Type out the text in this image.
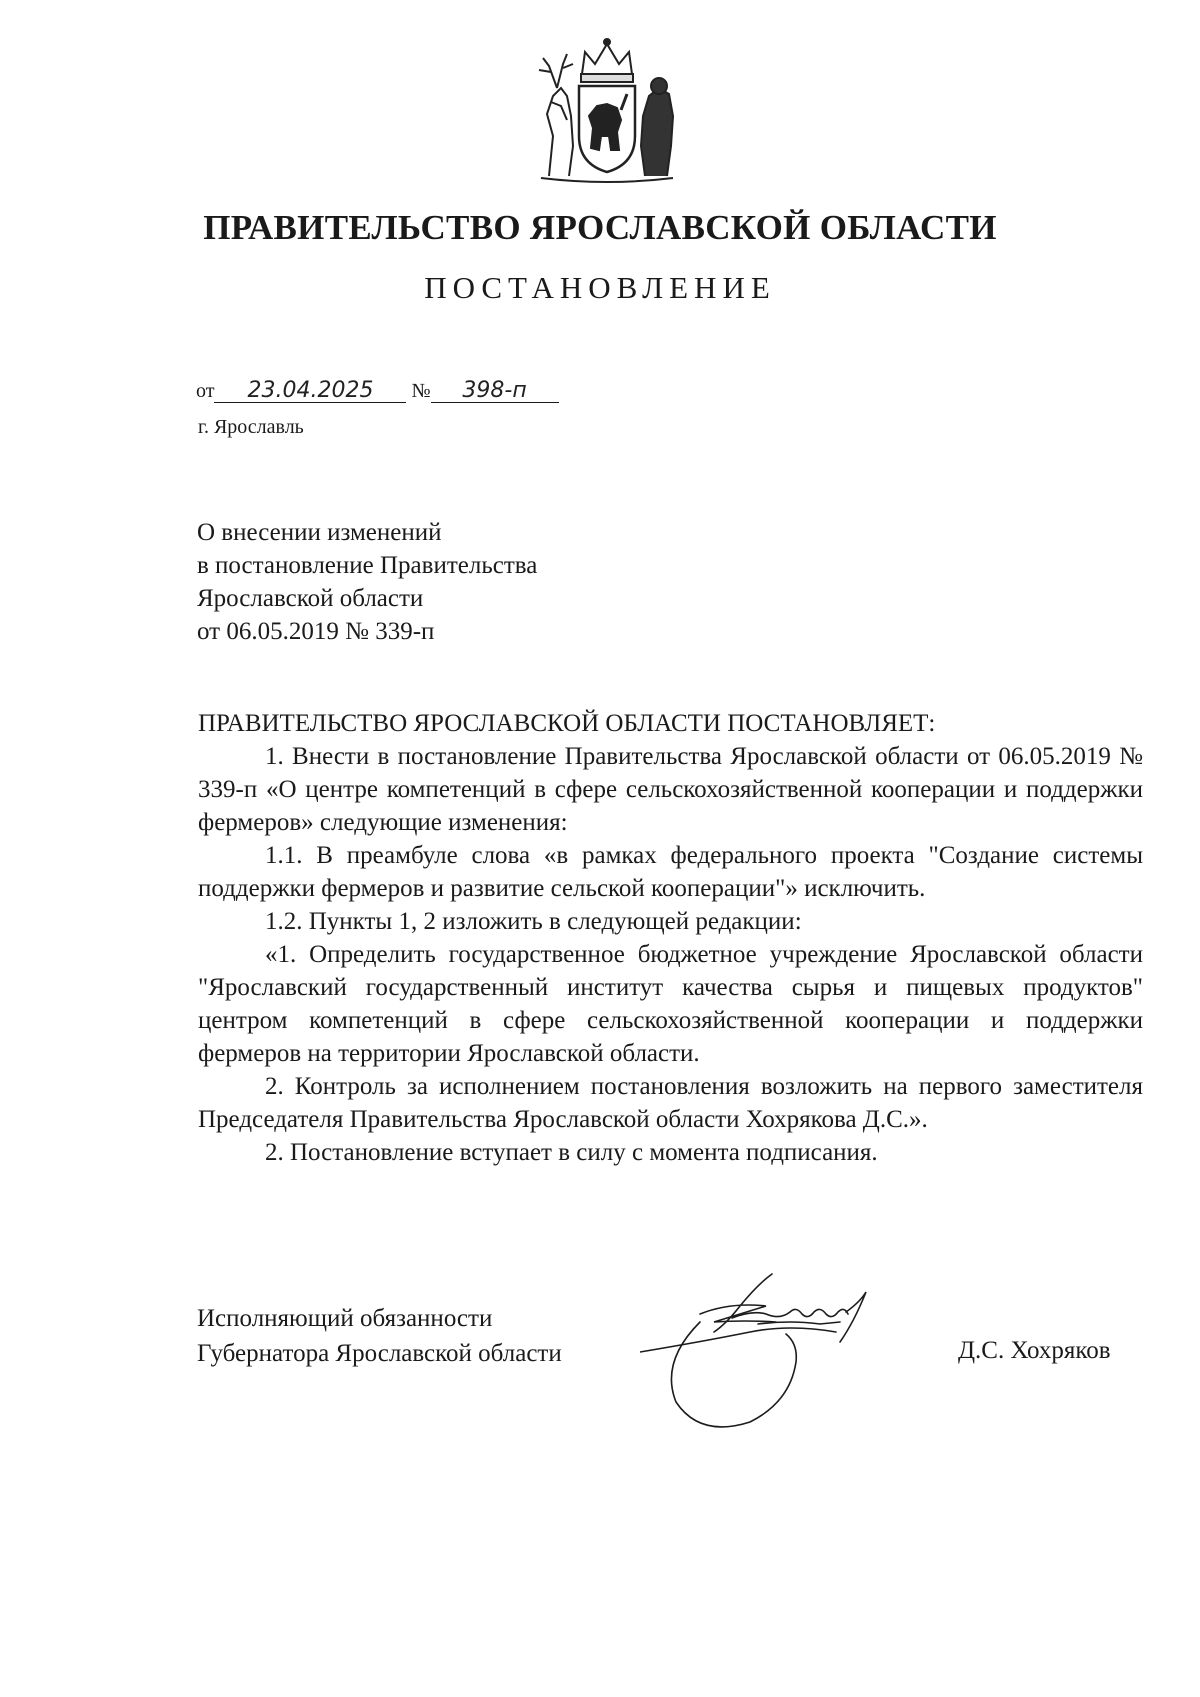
ПРАВИТЕЛЬСТВО ЯРОСЛАВСКОЙ ОБЛАСТИ
ПОСТАНОВЛЕНИЕ
от 23.04.2025 № 398-п
г. Ярославль
О внесении изменений
в постановление Правительства
Ярославской области
от 06.05.2019 № 339-п
ПРАВИТЕЛЬСТВО ЯРОСЛАВСКОЙ ОБЛАСТИ ПОСТАНОВЛЯЕТ:

1. Внести в постановление Правительства Ярославской области от 06.05.2019 № 339-п «О центре компетенций в сфере сельскохозяйственной кооперации и поддержки фермеров» следующие изменения:

1.1. В преамбуле слова «в рамках федерального проекта "Создание системы поддержки фермеров и развитие сельской кооперации"» исключить.

1.2. Пункты 1, 2 изложить в следующей редакции:

«1. Определить государственное бюджетное учреждение Ярославской области "Ярославский государственный институт качества сырья и пищевых продуктов" центром компетенций в сфере сельскохозяйственной кооперации и поддержки фермеров на территории Ярославской области.

2. Контроль за исполнением постановления возложить на первого заместителя Председателя Правительства Ярославской области Хохрякова Д.С.».

2. Постановление вступает в силу с момента подписания.

Исполняющий обязанности
Губернатора Ярославской области	Д.С. Хохряков
